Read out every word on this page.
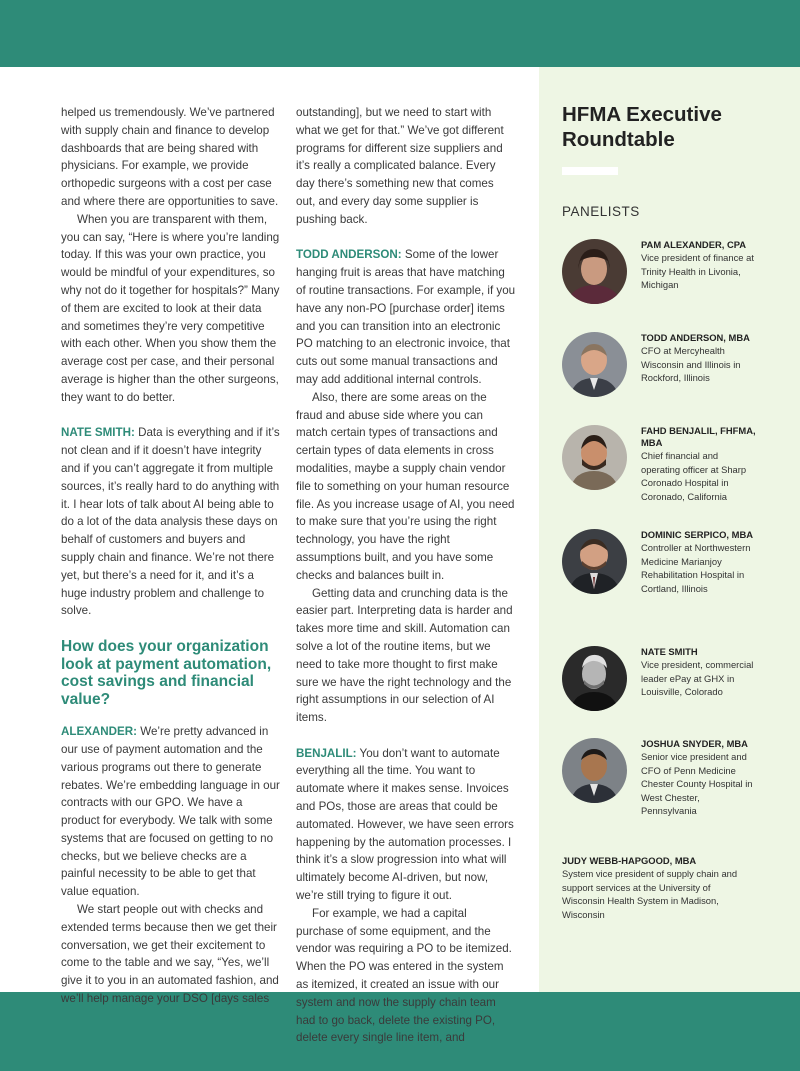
helped us tremendously. We’ve partnered with supply chain and finance to develop dashboards that are being shared with physicians. For example, we provide orthopedic surgeons with a cost per case and where there are opportunities to save.

When you are transparent with them, you can say, “Here is where you’re landing today. If this was your own practice, you would be mindful of your expenditures, so why not do it together for hospitals?” Many of them are excited to look at their data and sometimes they’re very competitive with each other. When you show them the average cost per case, and their personal average is higher than the other surgeons, they want to do better.

NATE SMITH: Data is everything and if it’s not clean and if it doesn’t have integrity and if you can’t aggregate it from multiple sources, it’s really hard to do anything with it. I hear lots of talk about AI being able to do a lot of the data analysis these days on behalf of customers and buyers and supply chain and finance. We’re not there yet, but there’s a need for it, and it’s a huge industry problem and challenge to solve.

How does your organization look at payment automation, cost savings and financial value?

ALEXANDER: We’re pretty advanced in our use of payment automation and the various programs out there to generate rebates. We’re embedding language in our contracts with our GPO. We have a product for everybody. We talk with some systems that are focused on getting to no checks, but we believe checks are a painful necessity to be able to get that value equation.

We start people out with checks and extended terms because then we get their conversation, we get their excitement to come to the table and we say, “Yes, we’ll give it to you in an automated fashion, and we’ll help manage your DSO [days sales

outstanding], but we need to start with what we get for that.” We’ve got different programs for different size suppliers and it’s really a complicated balance. Every day there’s something new that comes out, and every day some supplier is pushing back.

TODD ANDERSON: Some of the lower hanging fruit is areas that have matching of routine transactions. For example, if you have any non-PO [purchase order] items and you can transition into an electronic PO matching to an electronic invoice, that cuts out some manual transactions and may add additional internal controls.

Also, there are some areas on the fraud and abuse side where you can match certain types of transactions and certain types of data elements in cross modalities, maybe a supply chain vendor file to something on your human resource file. As you increase usage of AI, you need to make sure that you’re using the right technology, you have the right assumptions built, and you have some checks and balances built in.

Getting data and crunching data is the easier part. Interpreting data is harder and takes more time and skill. Automation can solve a lot of the routine items, but we need to take more thought to first make sure we have the right technology and the right assumptions in our selection of AI items.

BENJALIL: You don’t want to automate everything all the time. You want to automate where it makes sense. Invoices and POs, those are areas that could be automated. However, we have seen errors happening by the automation processes. I think it’s a slow progression into what will ultimately become AI-driven, but now, we’re still trying to figure it out.

For example, we had a capital purchase of some equipment, and the vendor was requiring a PO to be itemized. When the PO was entered in the system as itemized, it created an issue with our system and now the supply chain team had to go back, delete the existing PO, delete every single line item, and

HFMA Executive Roundtable
PANELISTS
PAM ALEXANDER, CPA
Vice president of finance at Trinity Health in Livonia, Michigan
TODD ANDERSON, MBA
CFO at Mercyhealth Wisconsin and Illinois in Rockford, Illinois
FAHD BENJALIL, FHFMA, MBA
Chief financial and operating officer at Sharp Coronado Hospital in Coronado, California
DOMINIC SERPICO, MBA
Controller at Northwestern Medicine Marianjoy Rehabilitation Hospital in Cortland, Illinois
NATE SMITH
Vice president, commercial leader ePay at GHX in Louisville, Colorado
JOSHUA SNYDER, MBA
Senior vice president and CFO of Penn Medicine Chester County Hospital in West Chester, Pennsylvania
JUDY WEBB-HAPGOOD, MBA
System vice president of supply chain and support services at the University of Wisconsin Health System in Madison, Wisconsin
